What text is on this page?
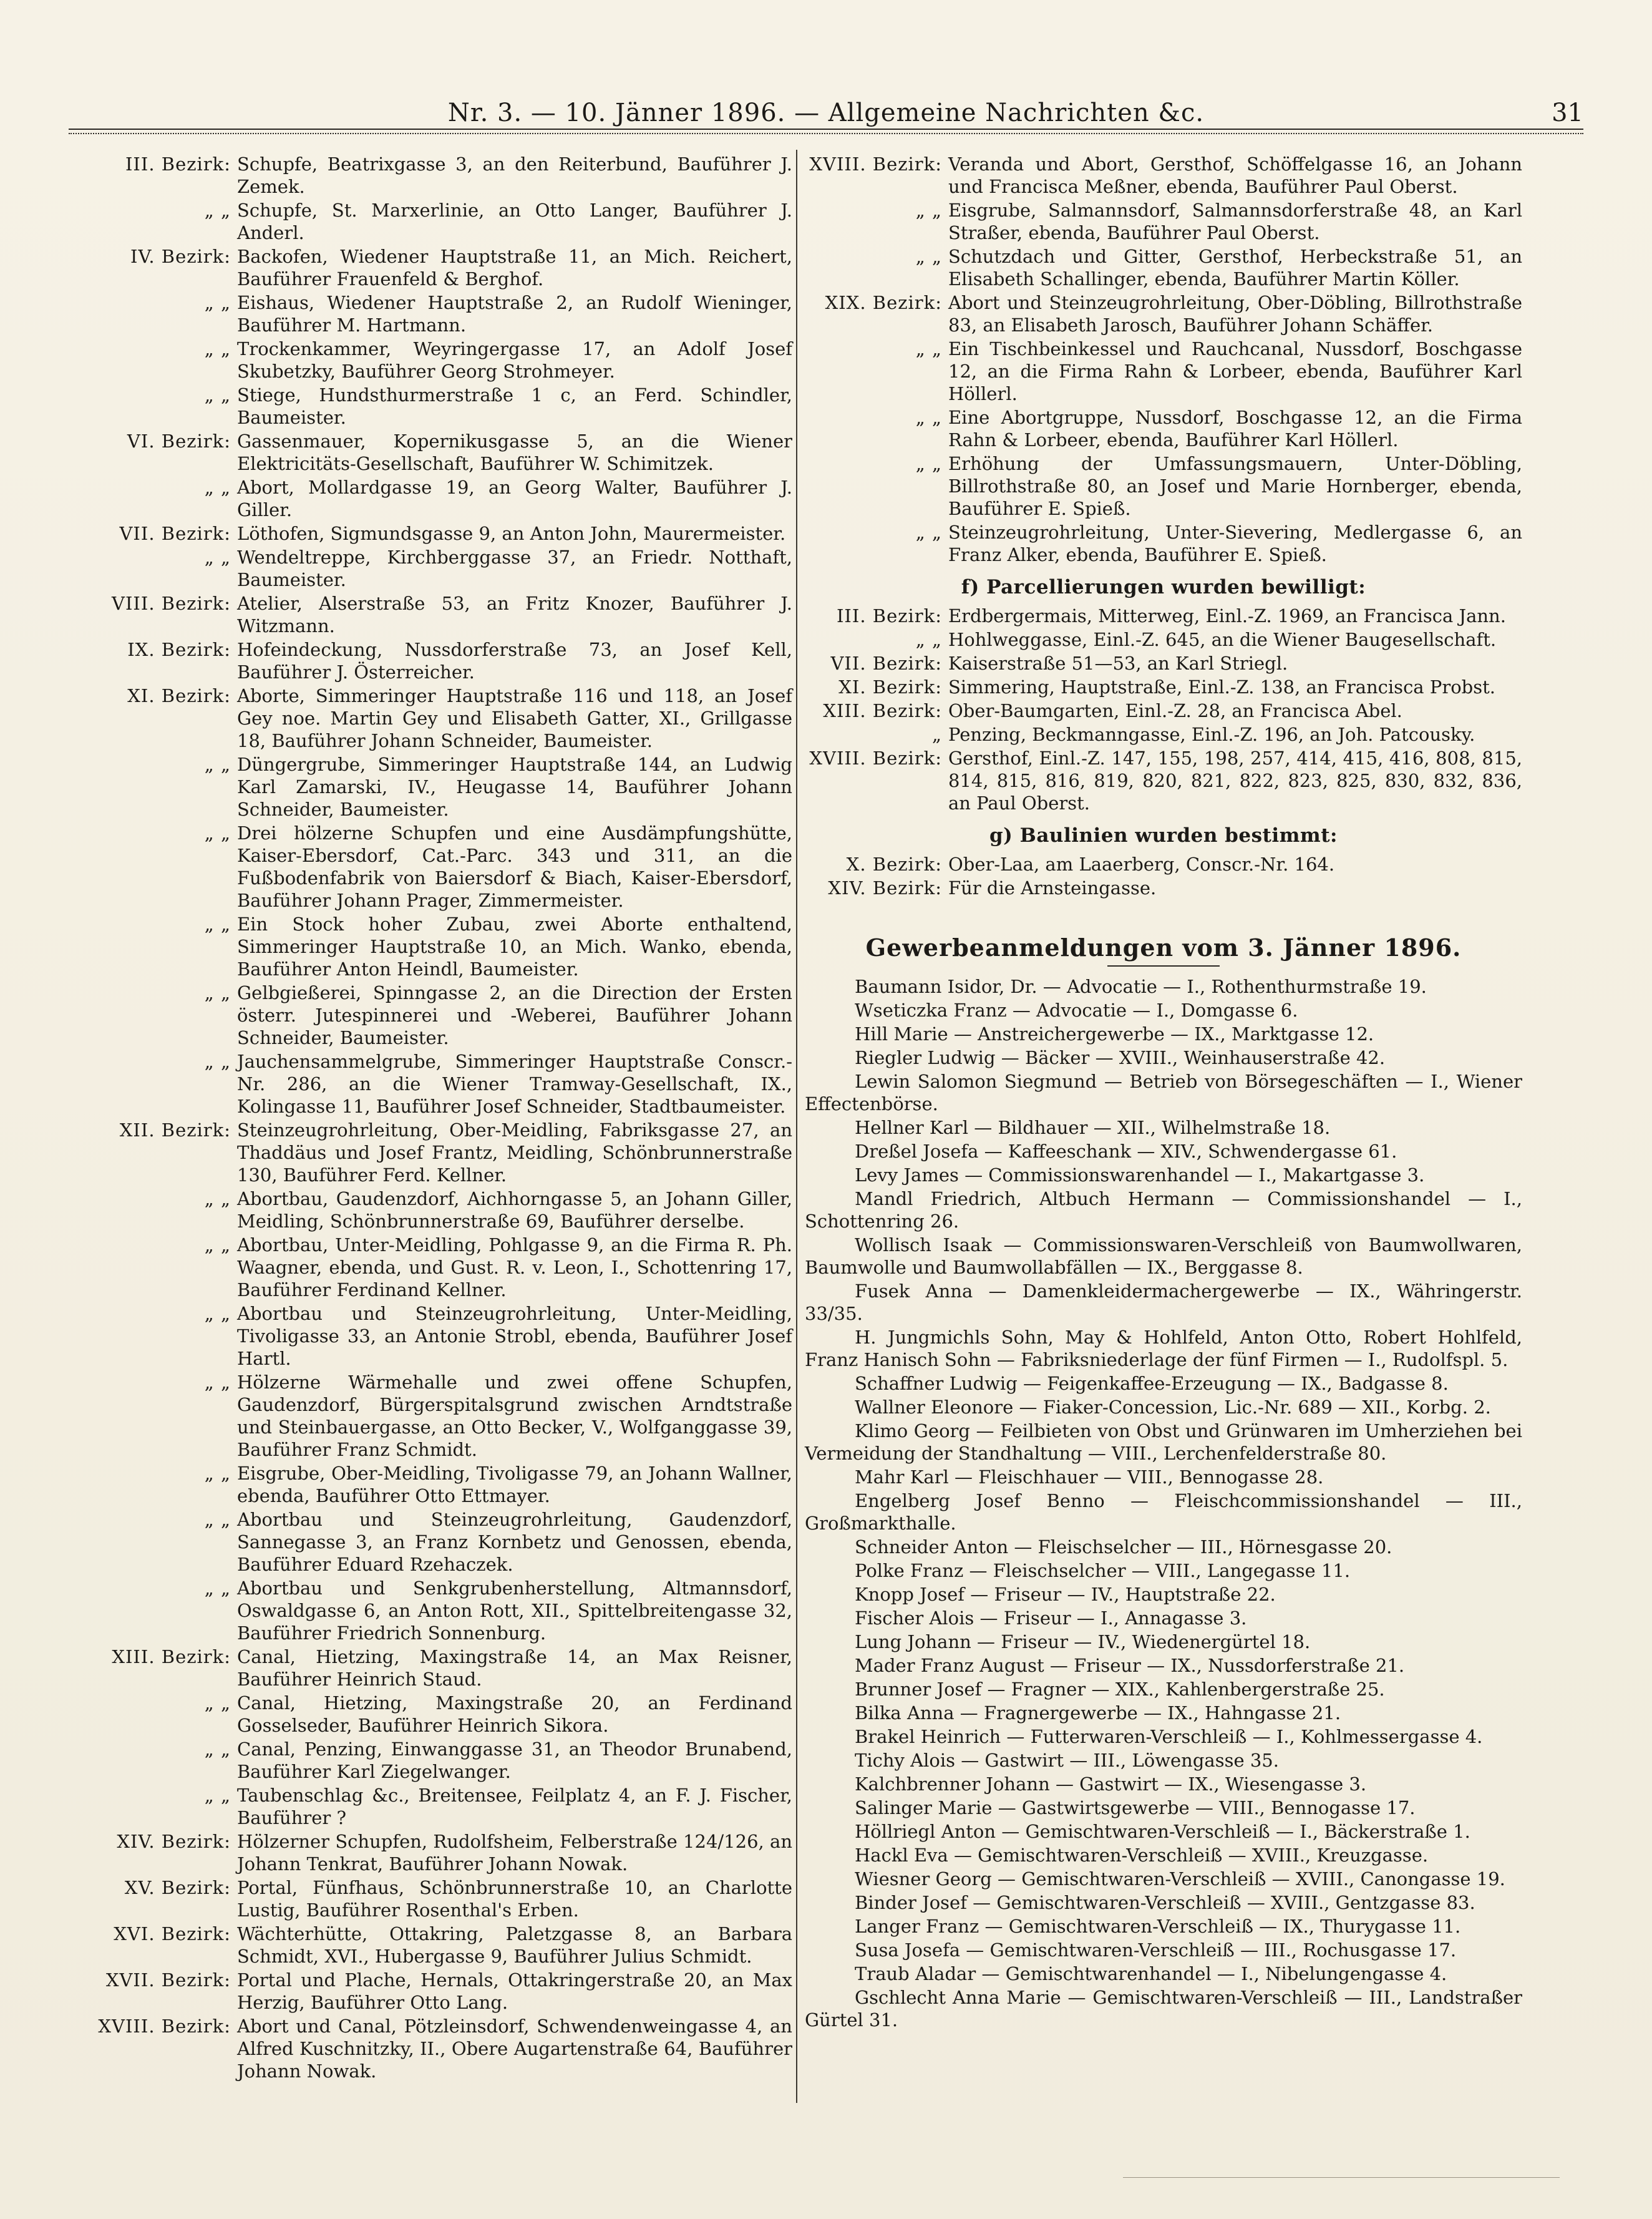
Nr. 3. — 10. Jänner 1896. — Allgemeine Nachrichten &c.	31
III. Bezirk: Schupfe, Beatrixgasse 3, an den Reiterbund, Bauführer J. Zemek.
„ „ Schupfe, St. Marxerlinie, an Otto Langer, Bauführer J. Anderl.
IV. Bezirk: Backofen, Wiedener Hauptstraße 11, an Mich. Reichert, Bauführer Frauenfeld & Berghof.
„ „ Eishaus, Wiedener Hauptstraße 2, an Rudolf Wieninger, Bauführer M. Hartmann.
„ „ Trockenkammer, Weyringergasse 17, an Adolf Josef Skubetzky, Bauführer Georg Strohmeyer.
„ „ Stiege, Hundsthurmerstraße 1 c, an Ferd. Schindler, Baumeister.
VI. Bezirk: Gassenmauer, Kopernikusgasse 5, an die Wiener Elektricitäts-Gesellschaft, Bauführer W. Schimitzek.
„ „ Abort, Mollardgasse 19, an Georg Walter, Bauführer J. Giller.
VII. Bezirk: Löthofen, Sigmundsgasse 9, an Anton John, Maurermeister.
„ „ Wendeltreppe, Kirchberggasse 37, an Friedr. Notthaft, Baumeister.
VIII. Bezirk: Atelier, Alserstraße 53, an Fritz Knozer, Bauführer J. Witzmann.
IX. Bezirk: Hofeindeckung, Nussdorferstraße 73, an Josef Kell, Bauführer J. Österreicher.
XI. Bezirk: Aborte, Simmeringer Hauptstraße 116 und 118, an Josef Gey noe. Martin Gey und Elisabeth Gatter, XI., Grillgasse 18, Bauführer Johann Schneider, Baumeister.
„ „ Düngergrube, Simmeringer Hauptstraße 144, an Ludwig Karl Zamarski, IV., Heugasse 14, Bauführer Johann Schneider, Baumeister.
„ „ Drei hölzerne Schupfen und eine Ausdämpfungshütte, Kaiser-Ebersdorf, Cat.-Parc. 343 und 311, an die Fußbodenfabrik von Baiersdorf & Biach, Kaiser-Ebersdorf, Bauführer Johann Prager, Zimmermeister.
„ „ Ein Stock hoher Zubau, zwei Aborte enthaltend, Simmeringer Hauptstraße 10, an Mich. Wanko, ebenda, Bauführer Anton Heindl, Baumeister.
„ „ Gelbgießerei, Spinngasse 2, an die Direction der Ersten österr. Jutespinnerei und -Weberei, Bauführer Johann Schneider, Baumeister.
„ „ Jauchensammelgrube, Simmeringer Hauptstraße Conscr.-Nr. 286, an die Wiener Tramway-Gesellschaft, IX., Kolingasse 11, Bauführer Josef Schneider, Stadtbaumeister.
XII. Bezirk: Steinzeugrohrleitung, Ober-Meidling, Fabriksgasse 27, an Thaddäus und Josef Frantz, Meidling, Schönbrunnerstraße 130, Bauführer Ferd. Kellner.
„ „ Abortbau, Gaudenzdorf, Aichhorngasse 5, an Johann Giller, Meidling, Schönbrunnerstraße 69, Bauführer derselbe.
„ „ Abortbau, Unter-Meidling, Pohlgasse 9, an die Firma R. Ph. Waagner, ebenda, und Gust. R. v. Leon, I., Schottenring 17, Bauführer Ferdinand Kellner.
„ „ Abortbau und Steinzeugrohrleitung, Unter-Meidling, Tivoligasse 33, an Antonie Strobl, ebenda, Bauführer Josef Hartl.
„ „ Hölzerne Wärmehalle und zwei offene Schupfen, Gaudenzdorf, Bürgerspitalsgrund zwischen Arndtstraße und Steinbauergasse, an Otto Becker, V., Wolfganggasse 39, Bauführer Franz Schmidt.
„ „ Eisgrube, Ober-Meidling, Tivoligasse 79, an Johann Wallner, ebenda, Bauführer Otto Ettmayer.
„ „ Abortbau und Steinzeugrohrleitung, Gaudenzdorf, Sannegasse 3, an Franz Kornbetz und Genossen, ebenda, Bauführer Eduard Rzehaczek.
„ „ Abortbau und Senkgrubenherstellung, Altmannsdorf, Oswaldgasse 6, an Anton Rott, XII., Spittelbreitengasse 32, Bauführer Friedrich Sonnenburg.
XIII. Bezirk: Canal, Hietzing, Maxingstraße 14, an Max Reisner, Bauführer Heinrich Staud.
„ „ Canal, Hietzing, Maxingstraße 20, an Ferdinand Gosselseder, Bauführer Heinrich Sikora.
„ „ Canal, Penzing, Einwanggasse 31, an Theodor Brunabend, Bauführer Karl Ziegelwanger.
„ „ Taubenschlag &c., Breitensee, Feilplatz 4, an F. J. Fischer, Bauführer ?
XIV. Bezirk: Hölzerner Schupfen, Rudolfsheim, Felberstraße 124/126, an Johann Tenkrat, Bauführer Johann Nowak.
XV. Bezirk: Portal, Fünfhaus, Schönbrunnerstraße 10, an Charlotte Lustig, Bauführer Rosenthal's Erben.
XVI. Bezirk: Wächterhütte, Ottakring, Paletzgasse 8, an Barbara Schmidt, XVI., Hubergasse 9, Bauführer Julius Schmidt.
XVII. Bezirk: Portal und Plache, Hernals, Ottakringerstraße 20, an Max Herzig, Bauführer Otto Lang.
XVIII. Bezirk: Abort und Canal, Pötzleinsdorf, Schwendenweingasse 4, an Alfred Kuschnitzky, II., Obere Augartenstraße 64, Bauführer Johann Nowak.
XVIII. Bezirk: Veranda und Abort, Gersthof, Schöffelgasse 16, an Johann und Francisca Meßner, ebenda, Bauführer Paul Oberst.
„ „ Eisgrube, Salmannsdorf, Salmannsdorferstraße 48, an Karl Straßer, ebenda, Bauführer Paul Oberst.
„ „ Schutzdach und Gitter, Gersthof, Herbeckstraße 51, an Elisabeth Schallinger, ebenda, Bauführer Martin Köller.
XIX. Bezirk: Abort und Steinzeugrohrleitung, Ober-Döbling, Billrothstraße 83, an Elisabeth Jarosch, Bauführer Johann Schäffer.
„ „ Ein Tischbeinkessel und Rauchcanal, Nussdorf, Boschgasse 12, an die Firma Rahn & Lorbeer, ebenda, Bauführer Karl Höllerl.
„ „ Eine Abortgruppe, Nussdorf, Boschgasse 12, an die Firma Rahn & Lorbeer, ebenda, Bauführer Karl Höllerl.
„ „ Erhöhung der Umfassungsmauern, Unter-Döbling, Billrothstraße 80, an Josef und Marie Hornberger, ebenda, Bauführer E. Spieß.
„ „ Steinzeugrohrleitung, Unter-Sievering, Medlergasse 6, an Franz Alker, ebenda, Bauführer E. Spieß.
f) Parcellierungen wurden bewilligt:
III. Bezirk: Erdbergermais, Mitterweg, Einl.-Z. 1969, an Francisca Jann.
„ „ Hohlweggasse, Einl.-Z. 645, an die Wiener Baugesellschaft.
VII. Bezirk: Kaiserstraße 51—53, an Karl Striegl.
XI. Bezirk: Simmering, Hauptstraße, Einl.-Z. 138, an Francisca Probst.
XIII. Bezirk: Ober-Baumgarten, Einl.-Z. 28, an Francisca Abel.
„ Penzing, Beckmanngasse, Einl.-Z. 196, an Joh. Patcousky.
XVIII. Bezirk: Gersthof, Einl.-Z. 147, 155, 198, 257, 414, 415, 416, 808, 815, 814, 815, 816, 819, 820, 821, 822, 823, 825, 830, 832, 836, an Paul Oberst.
g) Baulinien wurden bestimmt:
X. Bezirk: Ober-Laa, am Laaerberg, Conscr.-Nr. 164.
XIV. Bezirk: Für die Arnsteingasse.
Gewerbeanmeldungen vom 3. Jänner 1896.
Baumann Isidor, Dr. — Advocatie — I., Rothenthurmstraße 19.
Wseticzka Franz — Advocatie — I., Domgasse 6.
Hill Marie — Anstreichergewerbe — IX., Marktgasse 12.
Riegler Ludwig — Bäcker — XVIII., Weinhauserstraße 42.
Lewin Salomon Siegmund — Betrieb von Börsegeschäften — I., Wiener Effectenbörse.
Hellner Karl — Bildhauer — XII., Wilhelmstraße 18.
Dreßel Josefa — Kaffeeschank — XIV., Schwendergasse 61.
Levy James — Commissionswarenhandel — I., Makartgasse 3.
Mandl Friedrich, Altbuch Hermann — Commissionshandel — I., Schottenring 26.
Wollisch Isaak — Commissionswaren-Verschleiß von Baumwollwaren, Baumwolle und Baumwollabfällen — IX., Berggasse 8.
Fusek Anna — Damenkleidermachergewerbe — IX., Währingerstr. 33/35.
H. Jungmichls Sohn, May & Hohlfeld, Anton Otto, Robert Hohlfeld, Franz Hanisch Sohn — Fabriksniederlage der fünf Firmen — I., Rudolfspl. 5.
Schaffner Ludwig — Feigenkaffee-Erzeugung — IX., Badgasse 8.
Wallner Eleonore — Fiaker-Concession, Lic.-Nr. 689 — XII., Korbg. 2.
Klimo Georg — Feilbieten von Obst und Grünwaren im Umherziehen bei Vermeidung der Standhaltung — VIII., Lerchenfelderstraße 80.
Mahr Karl — Fleischhauer — VIII., Bennogasse 28.
Engelberg Josef Benno — Fleischcommissionshandel — III., Großmarkthalle.
Schneider Anton — Fleischselcher — III., Hörnesgasse 20.
Polke Franz — Fleischselcher — VIII., Langegasse 11.
Knopp Josef — Friseur — IV., Hauptstraße 22.
Fischer Alois — Friseur — I., Annagasse 3.
Lung Johann — Friseur — IV., Wiedenergürtel 18.
Mader Franz August — Friseur — IX., Nussdorferstraße 21.
Brunner Josef — Fragner — XIX., Kahlenbergerstraße 25.
Bilka Anna — Fragnergewerbe — IX., Hahngasse 21.
Brakel Heinrich — Futterwaren-Verschleiß — I., Kohlmessergasse 4.
Tichy Alois — Gastwirt — III., Löwengasse 35.
Kalchbrenner Johann — Gastwirt — IX., Wiesengasse 3.
Salinger Marie — Gastwirtsgewerbe — VIII., Bennogasse 17.
Höllriegl Anton — Gemischtwaren-Verschleiß — I., Bäckerstraße 1.
Hackl Eva — Gemischtwaren-Verschleiß — XVIII., Kreuzgasse.
Wiesner Georg — Gemischtwaren-Verschleiß — XVIII., Canongasse 19.
Binder Josef — Gemischtwaren-Verschleiß — XVIII., Gentzgasse 83.
Langer Franz — Gemischtwaren-Verschleiß — IX., Thurygasse 11.
Susa Josefa — Gemischtwaren-Verschleiß — III., Rochusgasse 17.
Traub Aladar — Gemischtwarenhandel — I., Nibelungengasse 4.
Gschlecht Anna Marie — Gemischtwaren-Verschleiß — III., Landstraßer Gürtel 31.
